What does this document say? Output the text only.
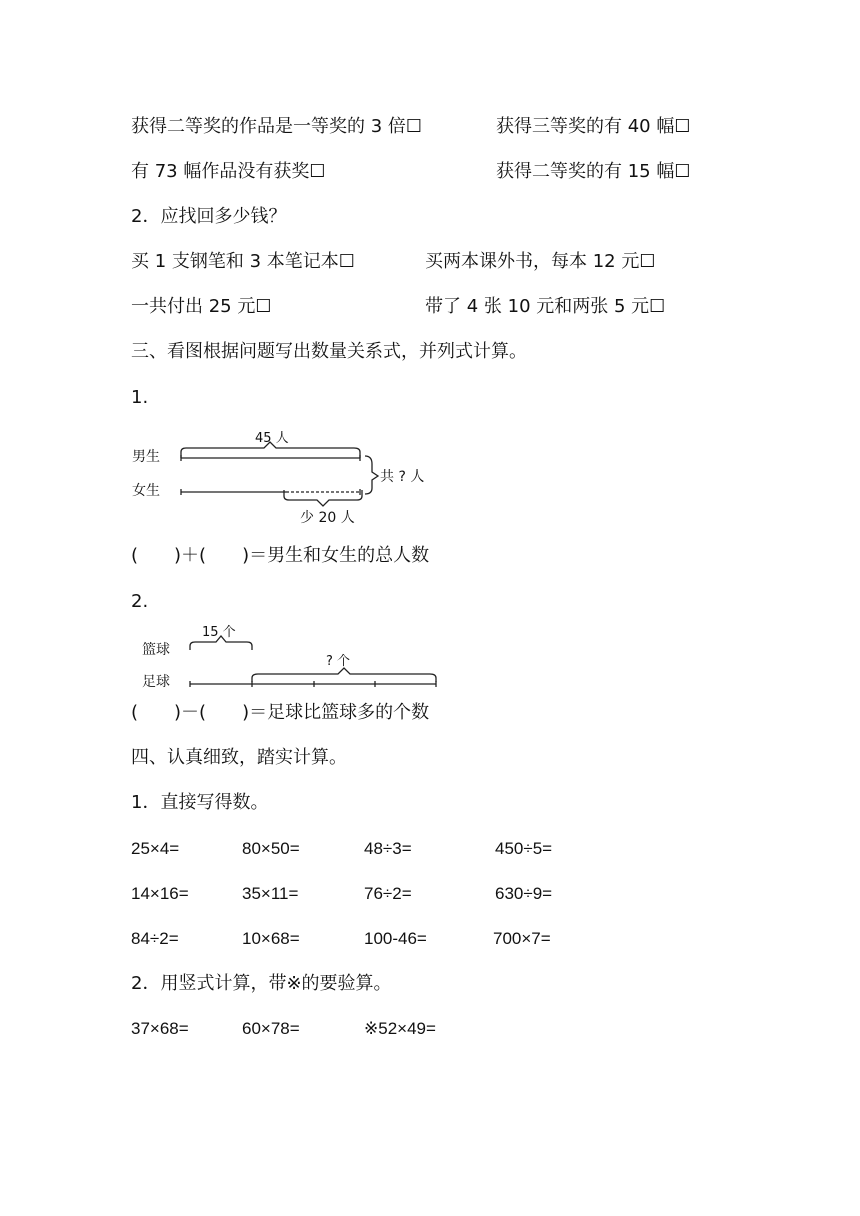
获得二等奖的作品是一等奖的 3 倍☐	获得三等奖的有 40 幅☐
有 73 幅作品没有获奖☐	获得二等奖的有 15 幅☐
2．应找回多少钱？
买 1 支钢笔和 3 本笔记本☐	买两本课外书，每本 12 元☐
一共付出 25 元☐	带了 4 张 10 元和两张 5 元☐
三、看图根据问题写出数量关系式，并列式计算。
1.
男生
女生
45 人
共 ? 人
少 20 人
(　　)＋(　　)＝男生和女生的总人数
2.
篮球
足球
15 个
? 个
(　　)－(　　)＝足球比篮球多的个数
四、认真细致，踏实计算。
1．直接写得数。
25×4=	80×50=	48÷3=	450÷5=
14×16=	35×11=	76÷2=	630÷9=
84÷2=	10×68=	100-46=	700×7=
2．用竖式计算，带※的要验算。
37×68=	60×78=	※52×49=
